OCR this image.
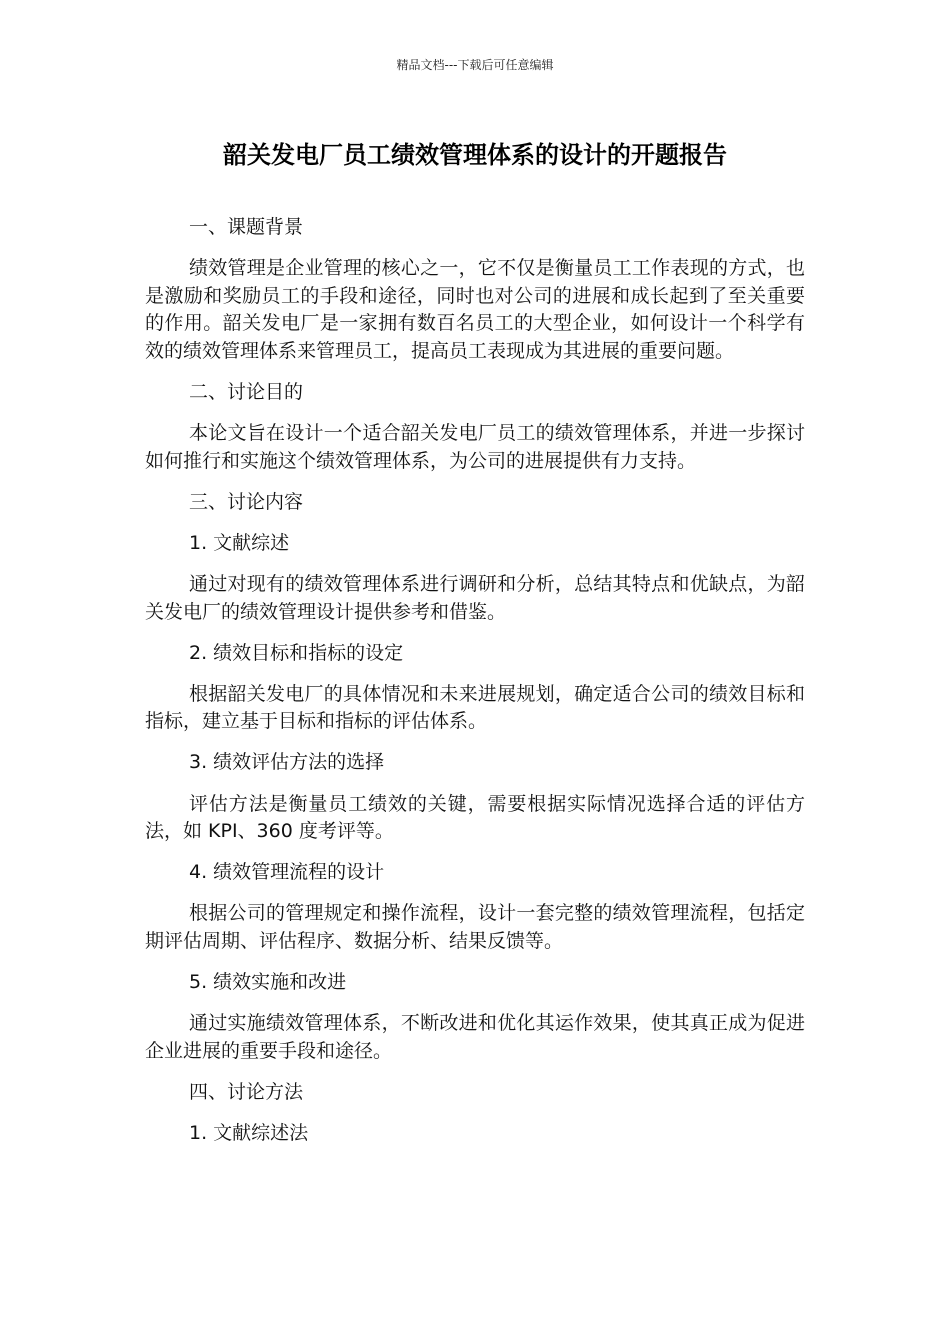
精品文档---下载后可任意编辑
韶关发电厂员工绩效管理体系的设计的开题报告

一、课题背景

绩效管理是企业管理的核心之一，它不仅是衡量员工工作表现的方式，也是激励和奖励员工的手段和途径，同时也对公司的进展和成长起到了至关重要的作用。韶关发电厂是一家拥有数百名员工的大型企业，如何设计一个科学有效的绩效管理体系来管理员工，提高员工表现成为其进展的重要问题。

二、讨论目的

本论文旨在设计一个适合韶关发电厂员工的绩效管理体系，并进一步探讨如何推行和实施这个绩效管理体系，为公司的进展提供有力支持。

三、讨论内容

1. 文献综述

通过对现有的绩效管理体系进行调研和分析，总结其特点和优缺点，为韶关发电厂的绩效管理设计提供参考和借鉴。

2. 绩效目标和指标的设定

根据韶关发电厂的具体情况和未来进展规划，确定适合公司的绩效目标和指标，建立基于目标和指标的评估体系。

3. 绩效评估方法的选择

评估方法是衡量员工绩效的关键，需要根据实际情况选择合适的评估方法，如 KPI、360 度考评等。

4. 绩效管理流程的设计

根据公司的管理规定和操作流程，设计一套完整的绩效管理流程，包括定期评估周期、评估程序、数据分析、结果反馈等。

5. 绩效实施和改进

通过实施绩效管理体系，不断改进和优化其运作效果，使其真正成为促进企业进展的重要手段和途径。

四、讨论方法

1. 文献综述法
